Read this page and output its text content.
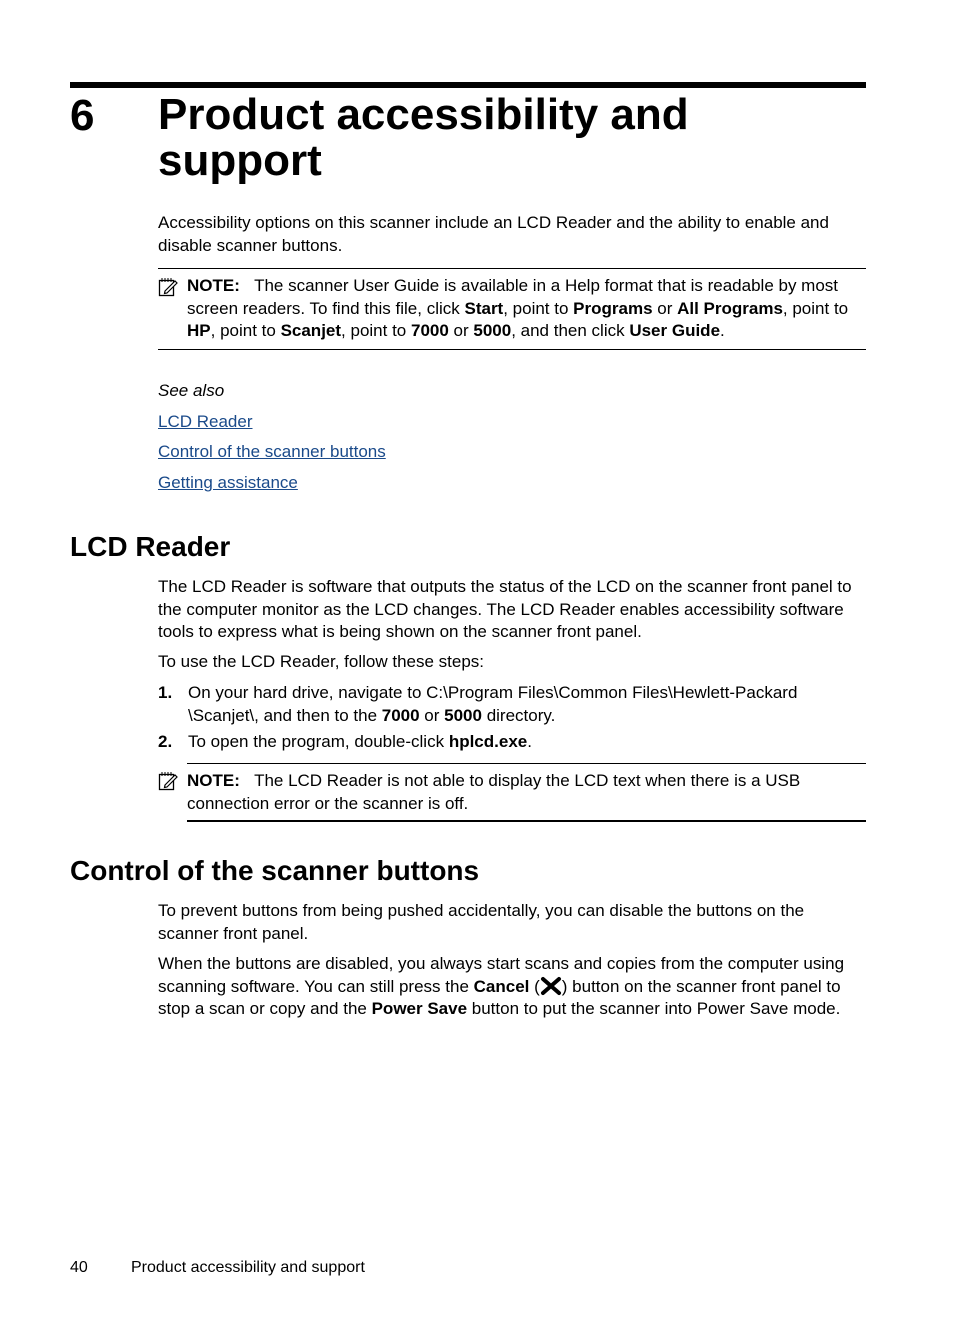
6 Product accessibility and
support
Accessibility options on this scanner include an LCD Reader and the ability to enable and disable scanner buttons.
NOTE: The scanner User Guide is available in a Help format that is readable by most screen readers. To find this file, click Start, point to Programs or All Programs, point to HP, point to Scanjet, point to 7000 or 5000, and then click User Guide.
See also
LCD Reader
Control of the scanner buttons
Getting assistance
LCD Reader
The LCD Reader is software that outputs the status of the LCD on the scanner front panel to the computer monitor as the LCD changes. The LCD Reader enables accessibility software tools to express what is being shown on the scanner front panel.
To use the LCD Reader, follow these steps:
1. On your hard drive, navigate to C:\Program Files\Common Files\Hewlett-Packard \Scanjet\, and then to the 7000 or 5000 directory.
2. To open the program, double-click hplcd.exe.
NOTE: The LCD Reader is not able to display the LCD text when there is a USB connection error or the scanner is off.
Control of the scanner buttons
To prevent buttons from being pushed accidentally, you can disable the buttons on the scanner front panel.
When the buttons are disabled, you always start scans and copies from the computer using scanning software. You can still press the Cancel ( ) button on the scanner front panel to stop a scan or copy and the Power Save button to put the scanner into Power Save mode.
40	Product accessibility and support
